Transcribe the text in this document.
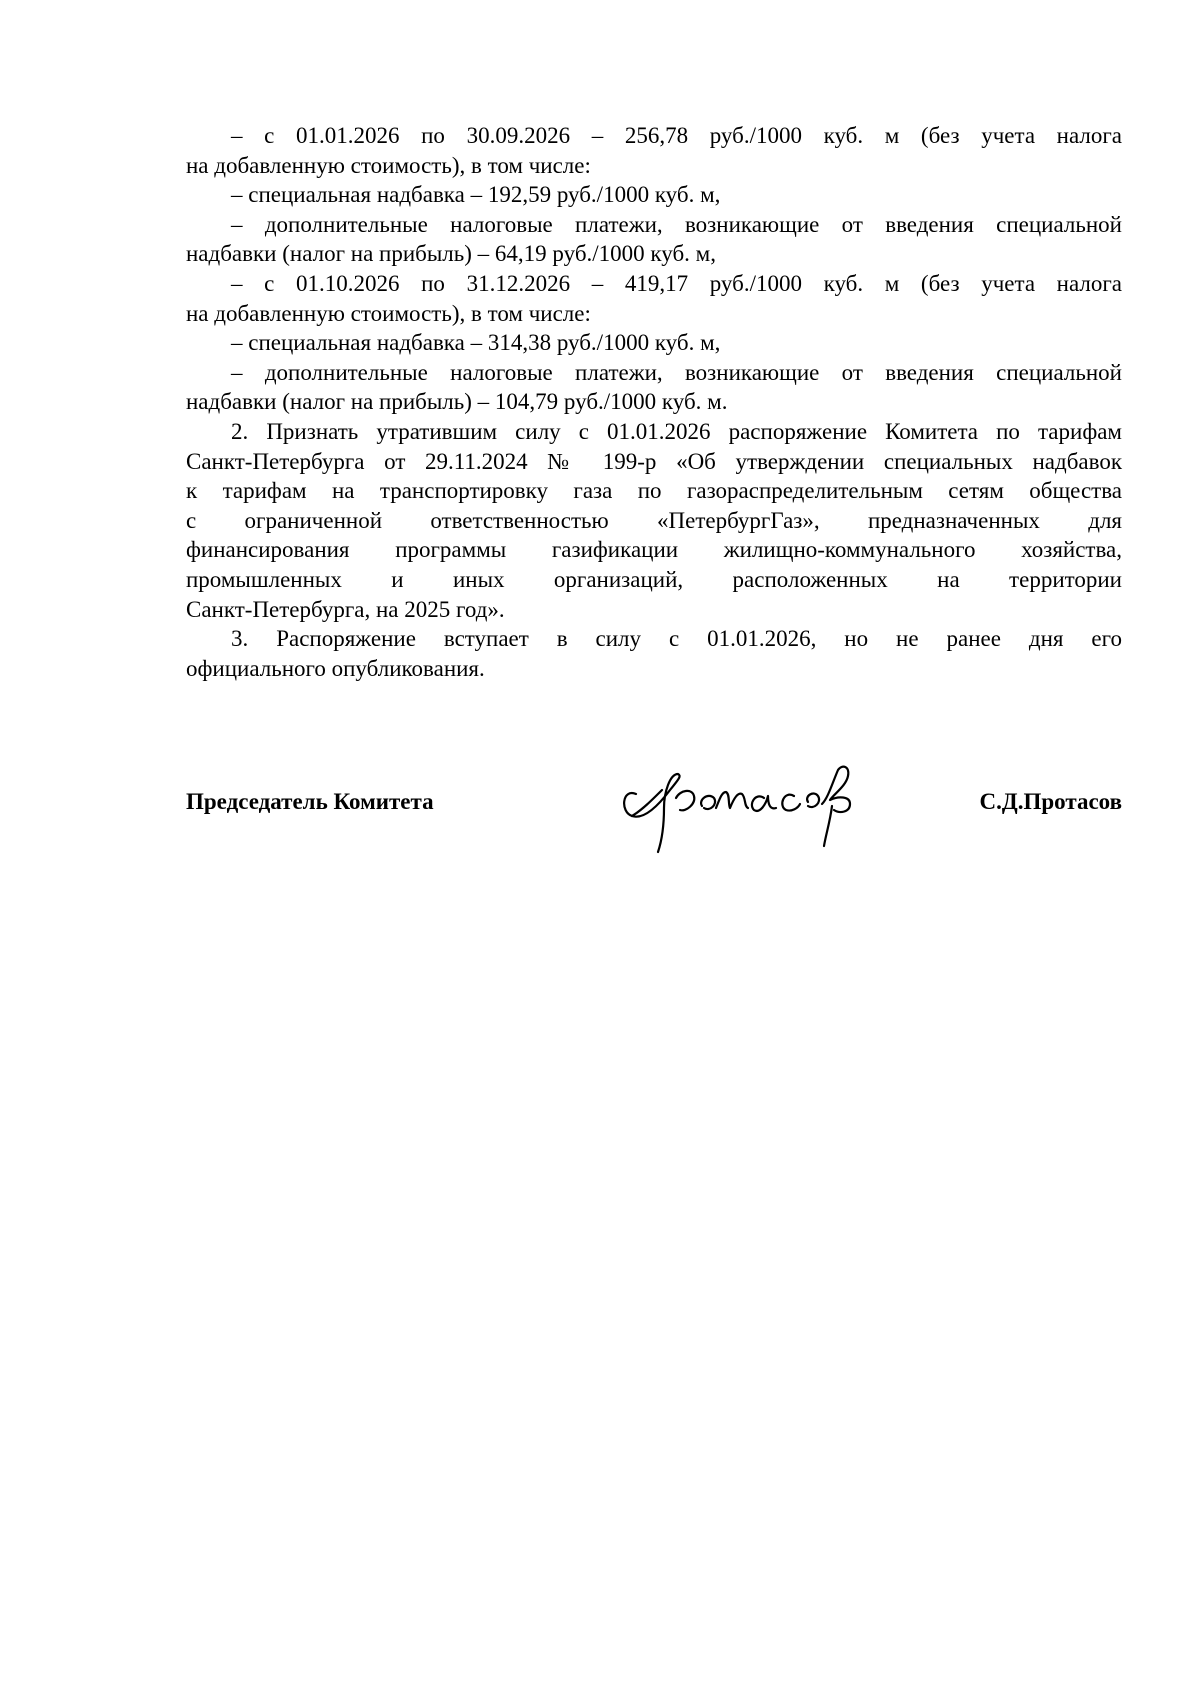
– с 01.01.2026 по 30.09.2026 – 256,78 руб./1000 куб. м (без учета налога
на добавленную стоимость), в том числе:
– специальная надбавка – 192,59 руб./1000 куб. м,
– дополнительные налоговые платежи, возникающие от введения специальной
надбавки (налог на прибыль) – 64,19 руб./1000 куб. м,
– с 01.10.2026 по 31.12.2026 – 419,17 руб./1000 куб. м (без учета налога
на добавленную стоимость), в том числе:
– специальная надбавка – 314,38 руб./1000 куб. м,
– дополнительные налоговые платежи, возникающие от введения специальной
надбавки (налог на прибыль) – 104,79 руб./1000 куб. м.
2. Признать утратившим силу с 01.01.2026 распоряжение Комитета по тарифам
Санкт-Петербурга от 29.11.2024 № 199-р «Об утверждении специальных надбавок
к тарифам на транспортировку газа по газораспределительным сетям общества
с ограниченной ответственностью «ПетербургГаз», предназначенных для
финансирования программы газификации жилищно-коммунального хозяйства,
промышленных и иных организаций, расположенных на территории
Санкт-Петербурга, на 2025 год».
3. Распоряжение вступает в силу с 01.01.2026, но не ранее дня его
официального опубликования.
Председатель Комитета	С.Д.Протасов
